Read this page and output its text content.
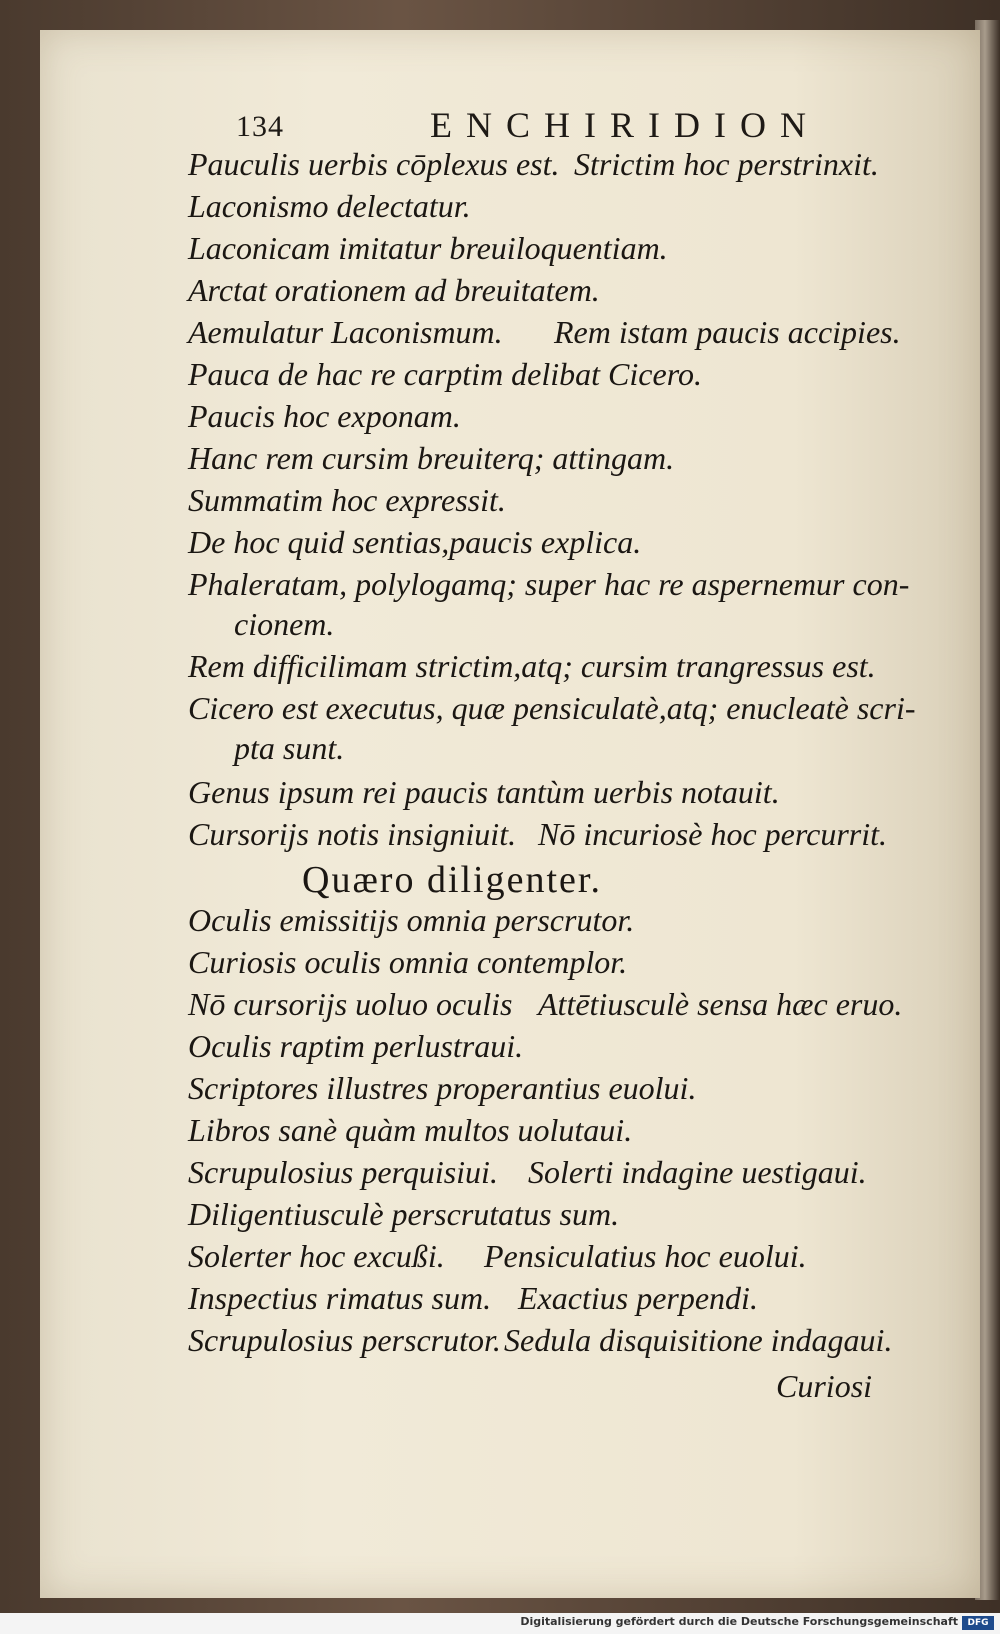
134	ENCHIRIDION
Pauculis uerbis cōplexus est. Strictim hoc perstrinxit.
Laconismo delectatur.
Laconicam imitatur breuiloquentiam.
Arctat orationem ad breuitatem.
Aemulatur Laconismum. Rem istam paucis accipies.
Pauca de hac re carptim delibat Cicero.
Paucis hoc exponam.
Hanc rem cursim breuiterq; attingam.
Summatim hoc expressit.
De hoc quid sentias,paucis explica.
Phaleratam, polylogamq; super hac re aspernemur con-
cionem.
Rem difficilimam strictim,atq; cursim trangressus est.
Cicero est executus, quæ pensiculatè,atq; enucleatè scri-
pta sunt.
Genus ipsum rei paucis tantùm uerbis notauit.
Cursorijs notis insigniuit. Nō incuriosè hoc percurrit.
Quæro diligenter.
Oculis emissitijs omnia perscrutor.
Curiosis oculis omnia contemplor.
Nō cursorijs uoluo oculis Attētiusculè sensa hæc eruo.
Oculis raptim perlustraui.
Scriptores illustres properantius euolui.
Libros sanè quàm multos uolutaui.
Scrupulosius perquisiui. Solerti indagine uestigaui.
Diligentiusculè perscrutatus sum.
Solerter hoc excußi. Pensiculatius hoc euolui.
Inspectius rimatus sum. Exactius perpendi.
Scrupulosius perscrutor. Sedula disquisitione indagaui.
Curiosi
Digitalisierung gefördert durch die Deutsche Forschungsgemeinschaft	DFG
